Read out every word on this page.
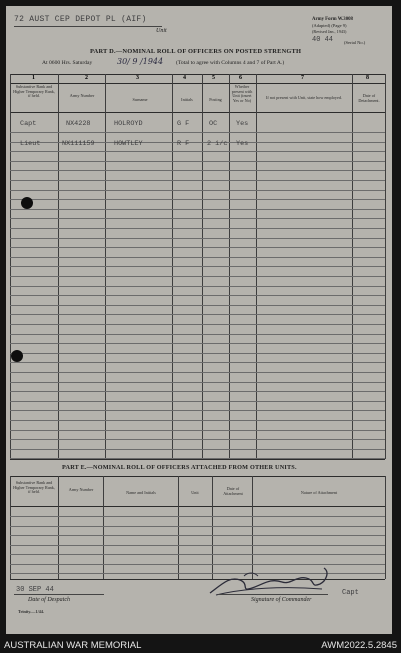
72 AUST CEP DEPOT PL (AIF)
Unit
Army Form W.3008
(Adapted) (Page 9)
(Revised Jan., 1943)
40 44 (Serial No.)
PART D.—NOMINAL ROLL OF OFFICERS ON POSTED STRENGTH
At 0600 Hrs. Saturday	30/ 9 /1944 (Total to agree with Columns 4 and 7 of Part A.)
1	2	3	4	5	6	7	8
Substantive Rank and Higher Temporary Rank, if held.	Army Number
Surname	Initials	Posting
Whether present with Unit (insert Yes or No)
If not present with Unit, state how employed.	Date of Detachment.
Capt	NX4228	HOLROYD	G F	OC	Yes
Lieut	NX111159	HOWTLEY	R F	2 i/c Yes
PART E.—NOMINAL ROLL OF OFFICERS ATTACHED FROM OTHER UNITS.
Substantive Rank and Higher Temporary Rank, if held.	Army Number
Name and Initials	Unit
Date of Attachment	Nature of Attachment
30 SEP 44
Date of Despatch	Signature of Commander
Capt
Trinity.—1/44.
AUSTRALIAN WAR MEMORIAL	AWM2022.5.2845
